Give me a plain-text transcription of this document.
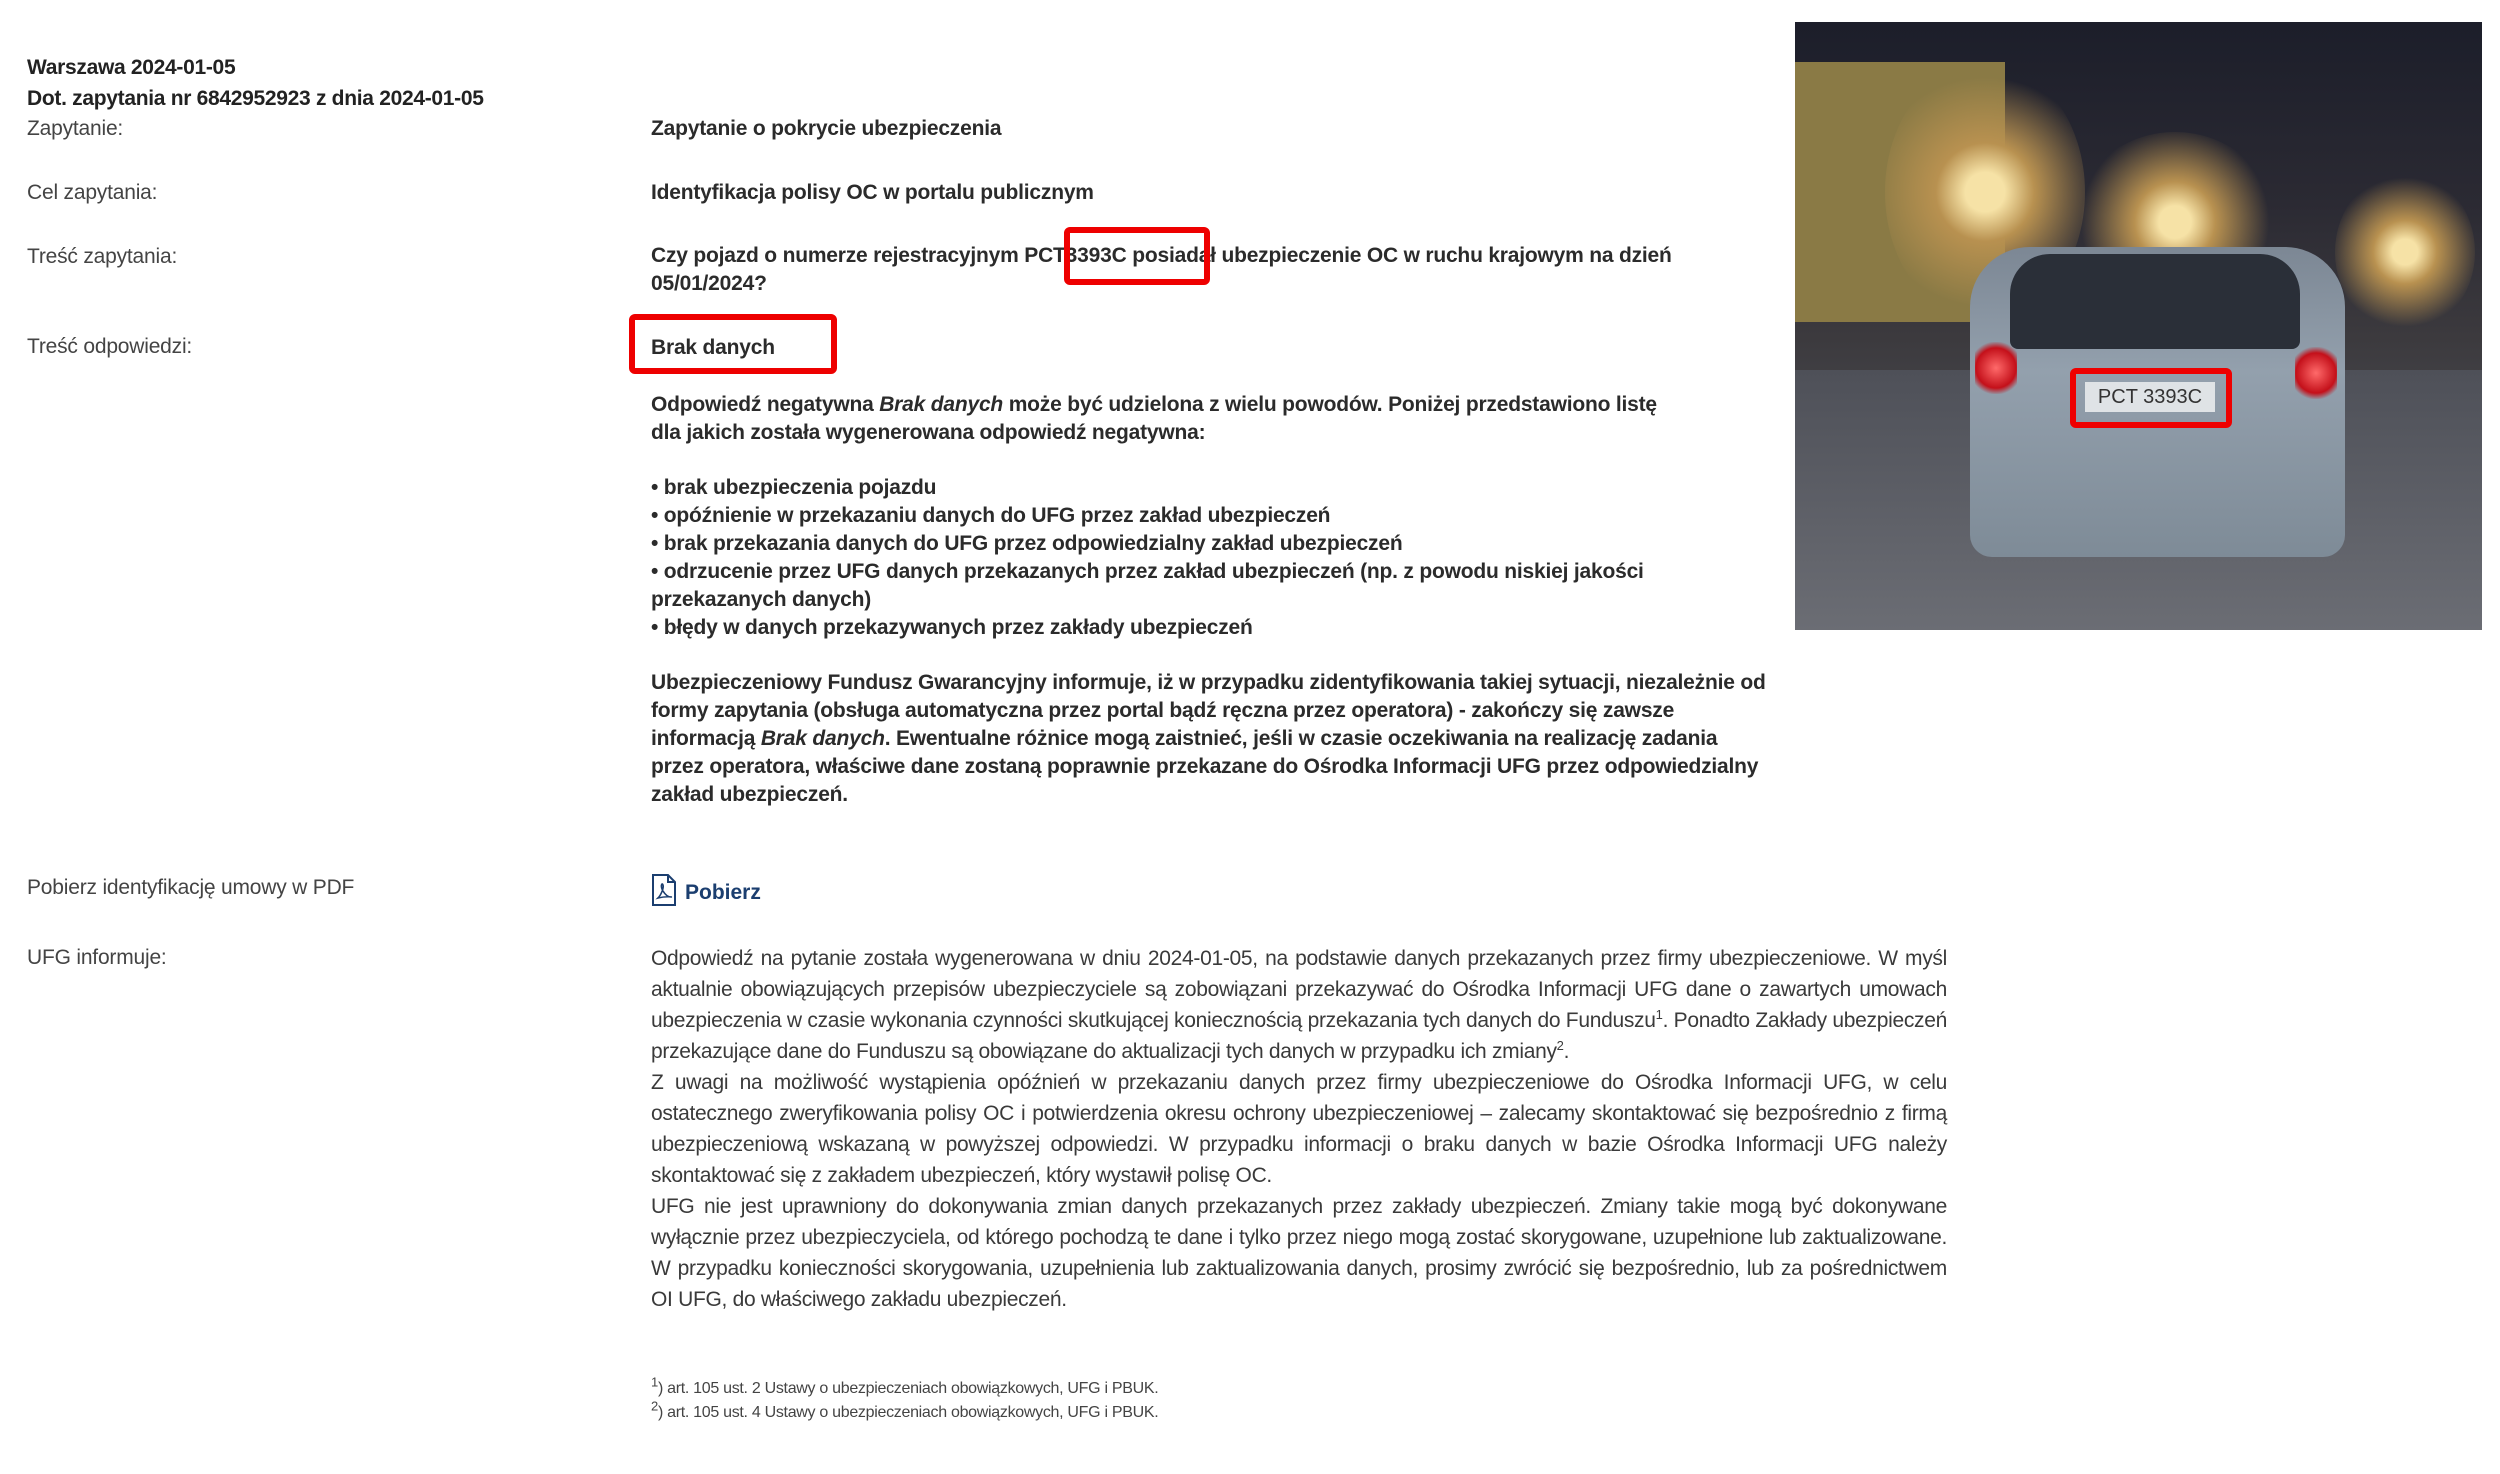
Warszawa 2024-01-05
Dot. zapytania nr 6842952923 z dnia 2024-01-05
Zapytanie:	Zapytanie o pokrycie ubezpieczenia
Cel zapytania:	Identyfikacja polisy OC w portalu publicznym
Treść zapytania:	Czy pojazd o numerze rejestracyjnym PCT3393C posiadał ubezpieczenie OC w ruchu krajowym na dzień
05/01/2024?
Treść odpowiedzi:	Brak danych
Odpowiedź negatywna Brak danych może być udzielona z wielu powodów. Poniżej przedstawiono listę
dla jakich została wygenerowana odpowiedź negatywna:
• brak ubezpieczenia pojazdu
• opóźnienie w przekazaniu danych do UFG przez zakład ubezpieczeń
• brak przekazania danych do UFG przez odpowiedzialny zakład ubezpieczeń
• odrzucenie przez UFG danych przekazanych przez zakład ubezpieczeń (np. z powodu niskiej jakości
przekazanych danych)
• błędy w danych przekazywanych przez zakłady ubezpieczeń
Ubezpieczeniowy Fundusz Gwarancyjny informuje, iż w przypadku zidentyfikowania takiej sytuacji, niezależnie od
formy zapytania (obsługa automatyczna przez portal bądź ręczna przez operatora) - zakończy się zawsze
informacją Brak danych. Ewentualne różnice mogą zaistnieć, jeśli w czasie oczekiwania na realizację zadania
przez operatora, właściwe dane zostaną poprawnie przekazane do Ośrodka Informacji UFG przez odpowiedzialny
zakład ubezpieczeń.
Pobierz identyfikację umowy w PDF	Pobierz
UFG informuje:	Odpowiedź na pytanie została wygenerowana w dniu 2024-01-05, na podstawie danych przekazanych przez firmy ubezpieczeniowe. W myśl aktualnie obowiązujących przepisów ubezpieczyciele są zobowiązani przekazywać do Ośrodka Informacji UFG dane o zawartych umowach ubezpieczenia w czasie wykonania czynności skutkującej koniecznością przekazania tych danych do Funduszu$^1$. Ponadto Zakłady ubezpieczeń przekazujące dane do Funduszu są obowiązane do aktualizacji tych danych w przypadku ich zmiany$^2$.

Z uwagi na możliwość wystąpienia opóźnień w przekazaniu danych przez firmy ubezpieczeniowe do Ośrodka Informacji UFG, w celu ostatecznego zweryfikowania polisy OC i potwierdzenia okresu ochrony ubezpieczeniowej – zalecamy skontaktować się bezpośrednio z firmą ubezpieczeniową wskazaną w powyższej odpowiedzi. W przypadku informacji o braku danych w bazie Ośrodka Informacji UFG należy skontaktować się z zakładem ubezpieczeń, który wystawił polisę OC.

UFG nie jest uprawniony do dokonywania zmian danych przekazanych przez zakłady ubezpieczeń. Zmiany takie mogą być dokonywane wyłącznie przez ubezpieczyciela, od którego pochodzą te dane i tylko przez niego mogą zostać skorygowane, uzupełnione lub zaktualizowane. W przypadku konieczności skorygowania, uzupełnienia lub zaktualizowania danych, prosimy zwrócić się bezpośrednio, lub za pośrednictwem OI UFG, do właściwego zakładu ubezpieczeń.

$^1$) art. 105 ust. 2 Ustawy o ubezpieczeniach obowiązkowych, UFG i PBUK.
$^2$) art. 105 ust. 4 Ustawy o ubezpieczeniach obowiązkowych, UFG i PBUK.
PCT 3393C
